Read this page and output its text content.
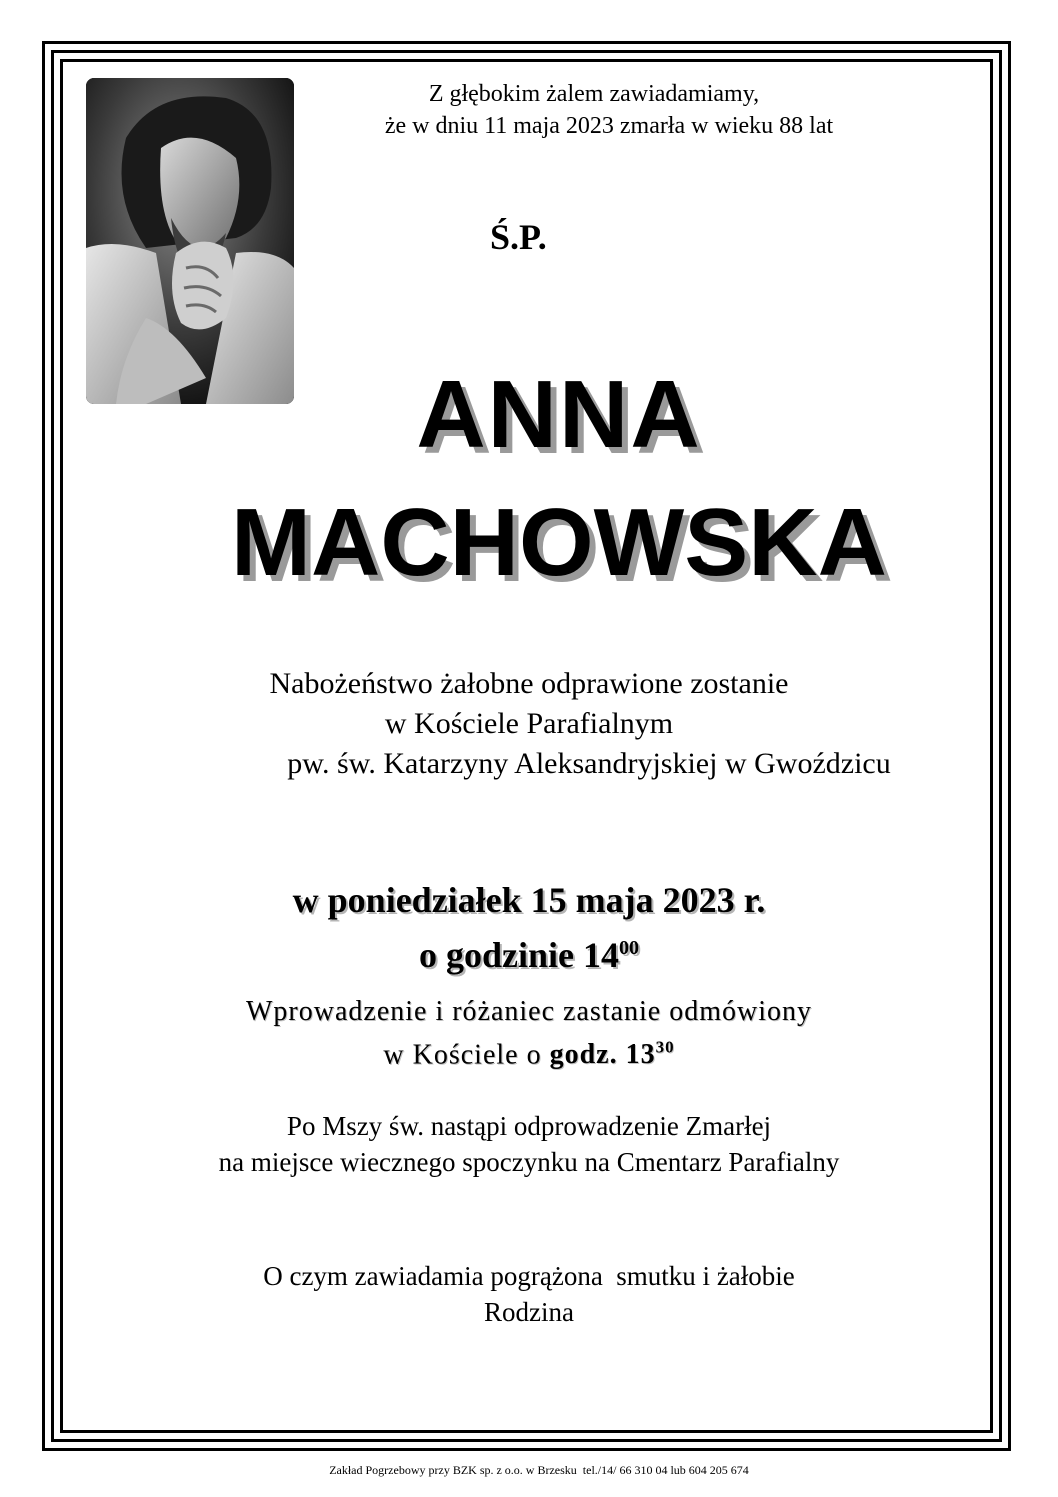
Z głębokim żalem zawiadamiamy,
że w dniu 11 maja 2023 zmarła w wieku 88 lat
Ś.P.
ANNA
MACHOWSKA
Nabożeństwo żałobne odprawione zostanie
w Kościele Parafialnym
pw. św. Katarzyny Aleksandryjskiej w Gwoździcu
w poniedziałek 15 maja 2023 r.
o godzinie $14^{00}$
Wprowadzenie i różaniec zastanie odmówiony
w Kościele o godz. $13^{30}$
Po Mszy św. nastąpi odprowadzenie Zmarłej
na miejsce wiecznego spoczynku na Cmentarz Parafialny
O czym zawiadamia pogrążona  smutku i żałobie
Rodzina
Zakład Pogrzebowy przy BZK sp. z o.o. w Brzesku  tel./14/ 66 310 04 lub 604 205 674
